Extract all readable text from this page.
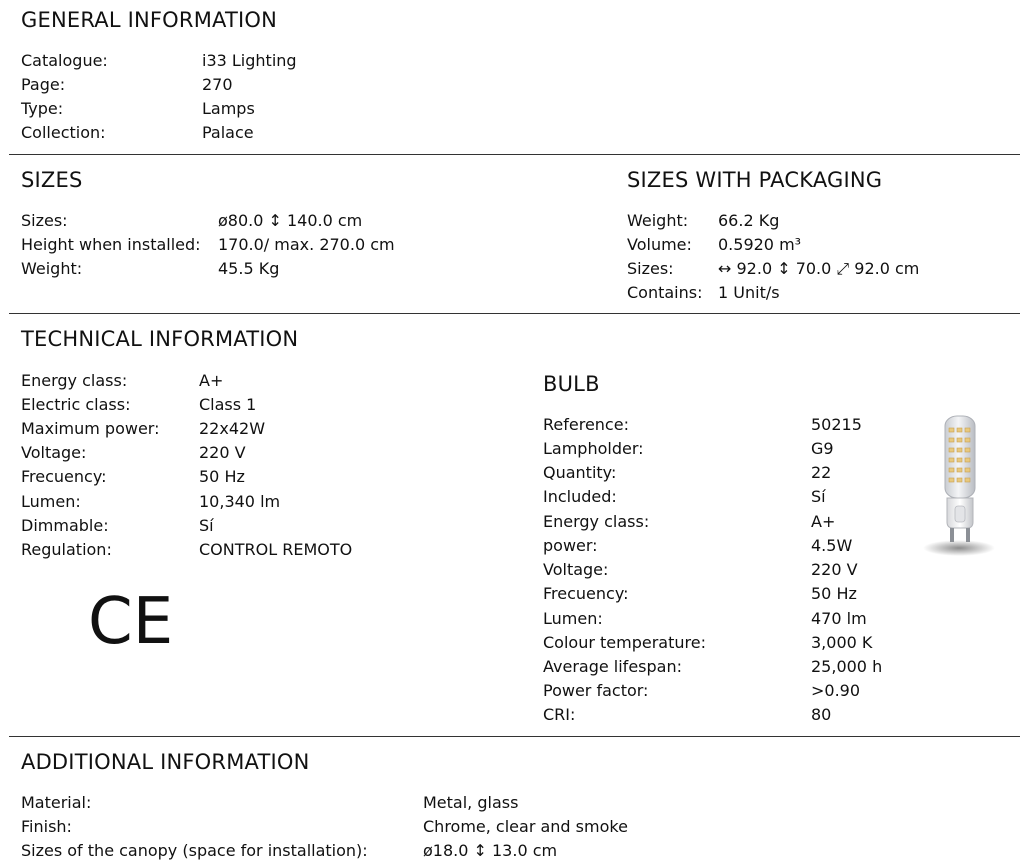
GENERAL INFORMATION
Catalogue:	i33 Lighting
Page:	270
Type:	Lamps
Collection:	Palace
SIZES
Sizes:	ø80.0 ↕ 140.0 cm
Height when installed: 170.0/ max. 270.0 cm
Weight:	45.5 Kg
SIZES WITH PACKAGING
Weight: 66.2 Kg
Volume: 0.5920 m³
Sizes:	↔ 92.0 ↕ 70.0 ⤢ 92.0 cm
Contains: 1 Unit/s
TECHNICAL INFORMATION
Energy class:	A+
Electric class:	Class 1
Maximum power: 22x42W
Voltage:	220 V
Frecuency:	50 Hz
Lumen:	10,340 lm
Dimmable:	Sí
Regulation:	CONTROL REMOTO
CE
BULB
Reference:	50215
Lampholder:	G9
Quantity:	22
Included:	Sí
Energy class:	A+
power:	4.5W
Voltage:	220 V
Frecuency:	50 Hz
Lumen:	470 lm
Colour temperature:	3,000 K
Average lifespan:	25,000 h
Power factor:	>0.90
CRI:	80
ADDITIONAL INFORMATION
Material:	Metal, glass
Finish:	Chrome, clear and smoke
Sizes of the canopy (space for installation):	ø18.0 ↕ 13.0 cm
